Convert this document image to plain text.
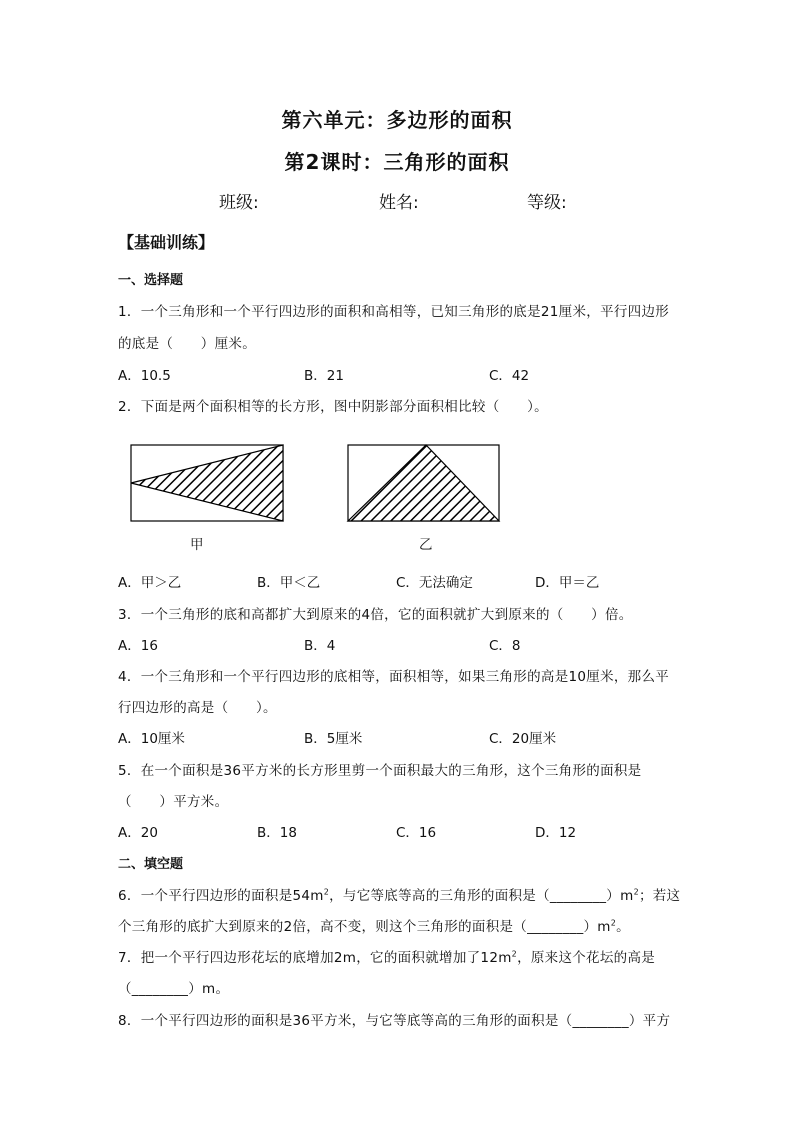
第六单元：多边形的面积
第2课时：三角形的面积
班级:	姓名:	等级:
【基础训练】
一、选择题
1．一个三角形和一个平行四边形的面积和高相等，已知三角形的底是21厘米，平行四边形
的底是（　　）厘米。
A．10.5	B．21	C．42
2．下面是两个面积相等的长方形，图中阴影部分面积相比较（　　）。
甲	乙
A．甲＞乙	B．甲＜乙	C．无法确定	D．甲＝乙
3．一个三角形的底和高都扩大到原来的4倍，它的面积就扩大到原来的（　　）倍。
A．16	B．4	C．8
4．一个三角形和一个平行四边形的底相等，面积相等，如果三角形的高是10厘米，那么平
行四边形的高是（　　）。
A．10厘米	B．5厘米	C．20厘米
5．在一个面积是36平方米的长方形里剪一个面积最大的三角形，这个三角形的面积是
（　　）平方米。
A．20	B．18	C．16	D．12
二、填空题
6．一个平行四边形的面积是$54m^2$，与它等底等高的三角形的面积是$(\_\_\_\_\_\_\_\_)m^2$；若这
个三角形的底扩大到原来的2倍，高不变，则这个三角形的面积是$(\_\_\_\_\_\_\_\_)m^2$。
7．把一个平行四边形花坛的底增加2m，它的面积就增加了$12m^2$，原来这个花坛的高是
（________）m。
8．一个平行四边形的面积是36平方米，与它等底等高的三角形的面积是（________）平方
